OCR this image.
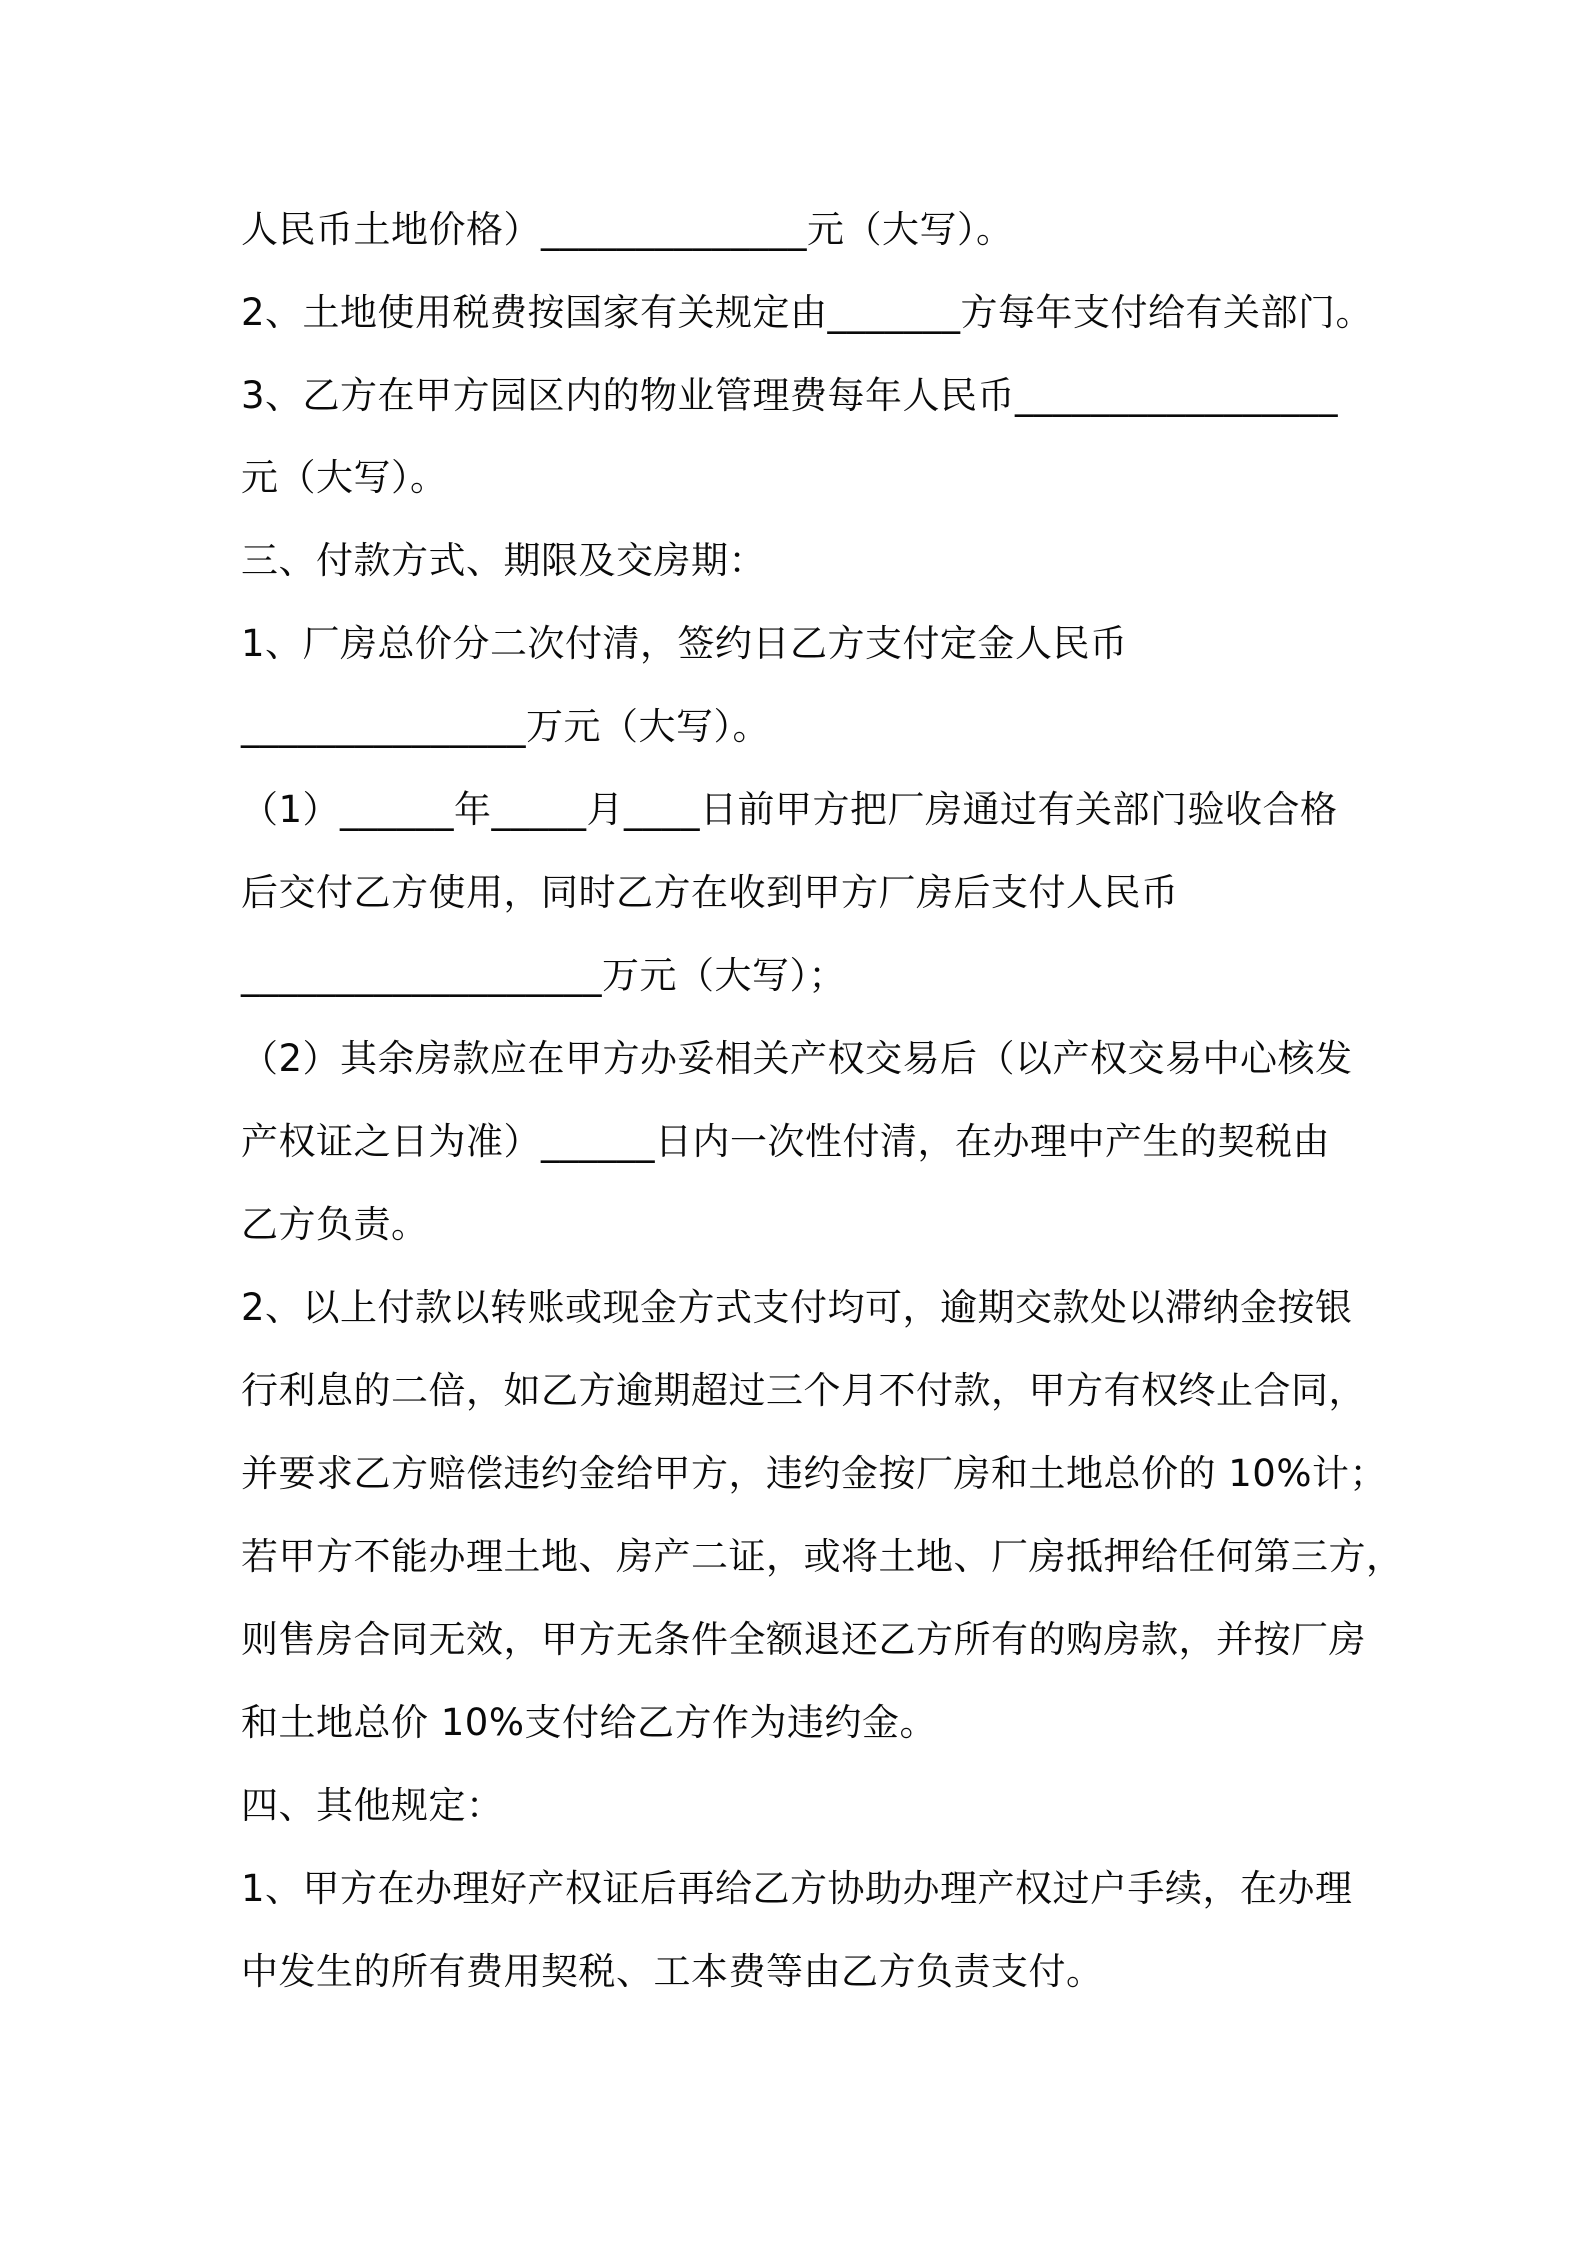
人民币土地价格）______________元（大写）。
2、土地使用税费按国家有关规定由_______方每年支付给有关部门。
3、乙方在甲方园区内的物业管理费每年人民币_________________
元（大写）。
三、付款方式、期限及交房期：
1、厂房总价分二次付清，签约日乙方支付定金人民币
_______________万元（大写）。
（1）______年_____月____日前甲方把厂房通过有关部门验收合格
后交付乙方使用，同时乙方在收到甲方厂房后支付人民币
___________________万元（大写）；
（2）其余房款应在甲方办妥相关产权交易后（以产权交易中心核发
产权证之日为准）______日内一次性付清，在办理中产生的契税由
乙方负责。
2、以上付款以转账或现金方式支付均可，逾期交款处以滞纳金按银
行利息的二倍，如乙方逾期超过三个月不付款，甲方有权终止合同，
并要求乙方赔偿违约金给甲方，违约金按厂房和土地总价的 10%计；
若甲方不能办理土地、房产二证，或将土地、厂房抵押给任何第三方，
则售房合同无效，甲方无条件全额退还乙方所有的购房款，并按厂房
和土地总价 10%支付给乙方作为违约金。
四、其他规定：
1、甲方在办理好产权证后再给乙方协助办理产权过户手续，在办理
中发生的所有费用契税、工本费等由乙方负责支付。
